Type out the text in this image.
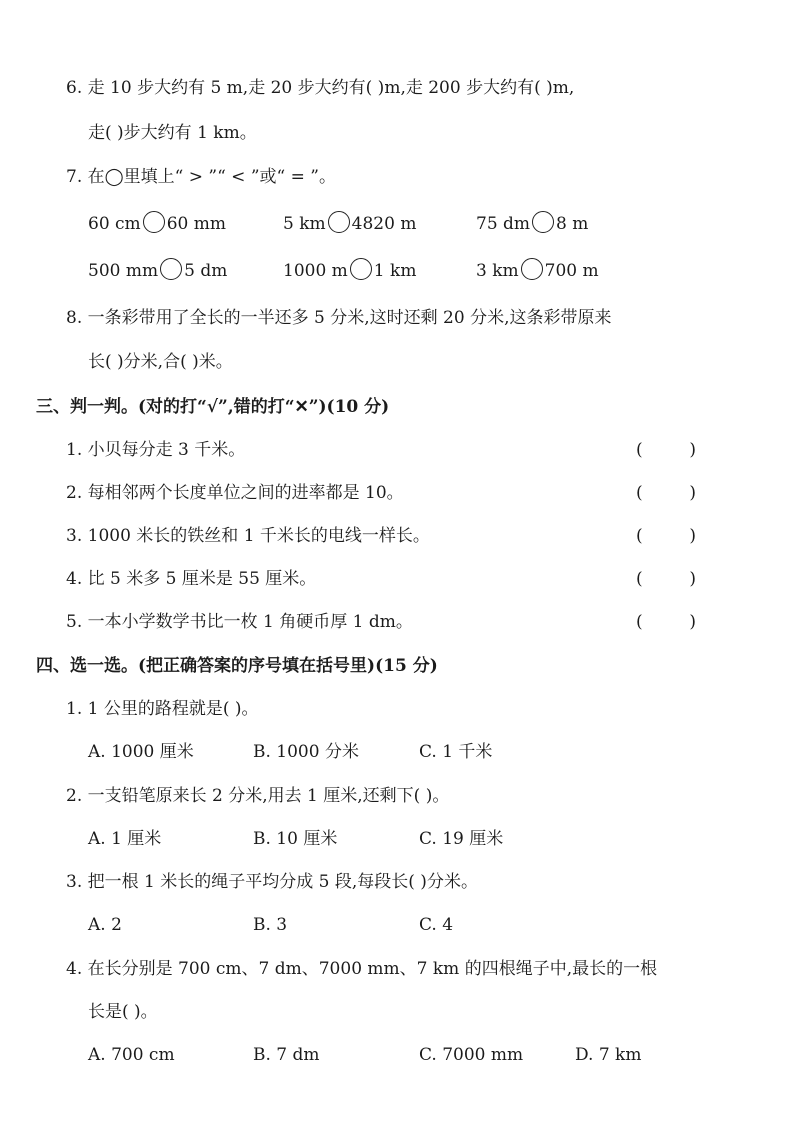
6. 走 10 步大约有 5 m,走 20 步大约有( )m,走 200 步大约有( )m,
走( )步大约有 1 km。
7. 在◯里填上“ > ”“ < ”或“ = ”。
60 cm 60 mm	5 km 4820 m	75 dm 8 m
500 mm 5 dm	1000 m 1 km	3 km 700 m
8. 一条彩带用了全长的一半还多 5 分米,这时还剩 20 分米,这条彩带原来
长( )分米,合( )米。
三、判一判。(对的打“√”,错的打“✕”)(10 分)
1. 小贝每分走 3 千米。	(	)
2. 每相邻两个长度单位之间的进率都是 10。	(	)
3. 1000 米长的铁丝和 1 千米长的电线一样长。	(	)
4. 比 5 米多 5 厘米是 55 厘米。	(	)
5. 一本小学数学书比一枚 1 角硬币厚 1 dm。	(	)
四、选一选。(把正确答案的序号填在括号里)(15 分)
1. 1 公里的路程就是( )。
A. 1000 厘米	B. 1000 分米	C. 1 千米
2. 一支铅笔原来长 2 分米,用去 1 厘米,还剩下( )。
A. 1 厘米	B. 10 厘米	C. 19 厘米
3. 把一根 1 米长的绳子平均分成 5 段,每段长( )分米。
A. 2	B. 3	C. 4
4. 在长分别是 700 cm、7 dm、7000 mm、7 km 的四根绳子中,最长的一根
长是( )。
A. 700 cm	B. 7 dm	C. 7000 mm	D. 7 km
